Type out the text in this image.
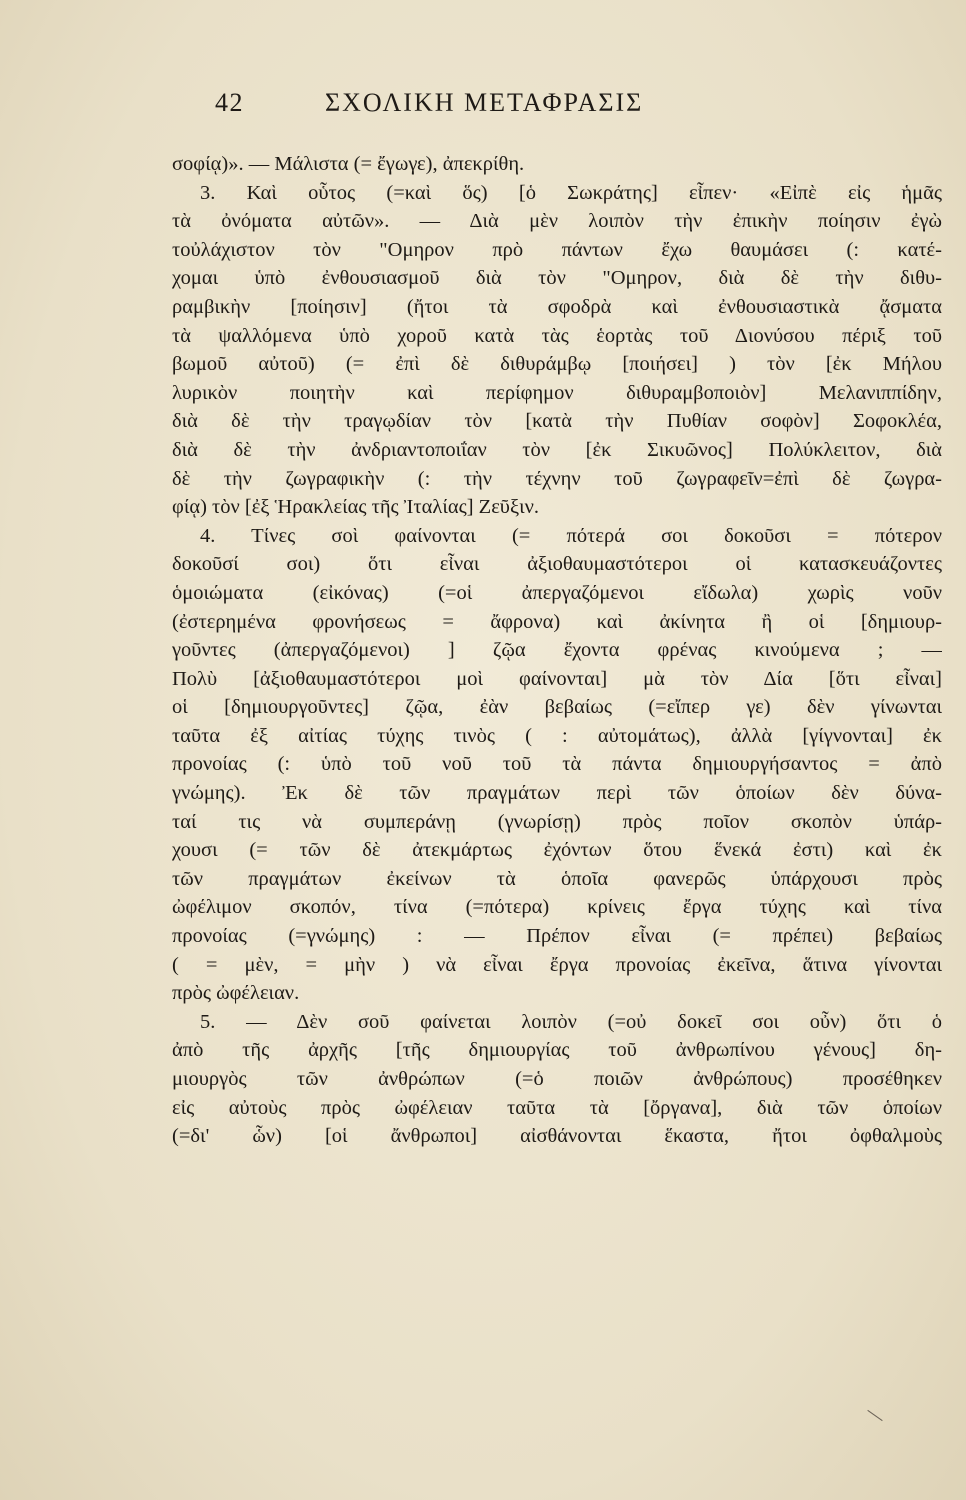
42	ΣΧΟΛΙΚΗ ΜΕΤΑΦΡΑΣΙΣ
σοφίᾳ)». — Μάλιστα (= ἔγωγε), ἀπεκρίθη.
3. Καὶ οὗτος (=καὶ ὅς) [ὁ Σωκράτης] εἶπεν· «Εἰπὲ εἰς ἡμᾶς
τὰ ὀνόματα αὐτῶν». — Διὰ μὲν λοιπὸν τὴν ἐπικὴν ποίησιν ἐγὼ
τοὐλάχιστον τὸν "Ομηρον πρὸ πάντων ἔχω θαυμάσει (: κατέ-
χομαι ὑπὸ ἐνθουσιασμοῦ διὰ τὸν "Ομηρον, διὰ δὲ τὴν διθυ-
ραμβικὴν [ποίησιν] (ἤτοι τὰ σφοδρὰ καὶ ἐνθουσιαστικὰ ᾄσματα
τὰ ψαλλόμενα ὑπὸ χοροῦ κατὰ τὰς ἑορτὰς τοῦ Διονύσου πέριξ τοῦ
βωμοῦ αὐτοῦ) (= ἐπὶ δὲ διθυράμβῳ [ποιήσει] ) τὸν [ἐκ Μήλου
λυρικὸν ποιητὴν καὶ περίφημον διθυραμβοποιὸν] Μελανιππίδην,
διὰ δὲ τὴν τραγῳδίαν τὸν [κατὰ τὴν Πυθίαν σοφὸν] Σοφοκλέα,
διὰ δὲ τὴν ἀνδριαντοποιΐαν τὸν [ἐκ Σικυῶνος] Πολύκλειτον, διὰ
δὲ τὴν ζωγραφικὴν (: τὴν τέχνην τοῦ ζωγραφεῖν=ἐπὶ δὲ ζωγρα-
φίᾳ) τὸν [ἐξ Ἡρακλείας τῆς Ἰταλίας] Ζεῦξιν.
4. Τίνες σοὶ φαίνονται (= πότερά σοι δοκοῦσι = πότερον
δοκοῦσί σοι) ὅτι εἶναι ἀξιοθαυμαστότεροι οἱ κατασκευάζοντες
ὁμοιώματα (εἰκόνας) (=οἱ ἀπεργαζόμενοι εἴδωλα) χωρὶς νοῦν
(ἐστερημένα φρονήσεως = ἄφρονα) καὶ ἀκίνητα ἢ οἱ [δημιουρ-
γοῦντες (ἀπεργαζόμενοι) ] ζῷα ἔχοντα φρένας κινούμενα ; —
Πολὺ [ἀξιοθαυμαστότεροι μοὶ φαίνονται] μὰ τὸν Δία [ὅτι εἶναι]
οἱ [δημιουργοῦντες] ζῷα, ἐὰν βεβαίως (=εἴπερ γε) δὲν γίνωνται
ταῦτα ἐξ αἰτίας τύχης τινὸς ( : αὐτομάτως), ἀλλὰ [γίγνονται] ἐκ
προνοίας (: ὑπὸ τοῦ νοῦ τοῦ τὰ πάντα δημιουργήσαντος = ἀπὸ
γνώμης). Ἐκ δὲ τῶν πραγμάτων περὶ τῶν ὁποίων δὲν δύνα-
ταί τις νὰ συμπεράνῃ (γνωρίσῃ) πρὸς ποῖον σκοπὸν ὑπάρ-
χουσι (= τῶν δὲ ἀτεκμάρτως ἐχόντων ὅτου ἕνεκά ἐστι) καὶ ἐκ
τῶν πραγμάτων ἐκείνων τὰ ὁποῖα φανερῶς ὑπάρχουσι πρὸς
ὠφέλιμον σκοπόν, τίνα (=πότερα) κρίνεις ἔργα τύχης καὶ τίνα
προνοίας (=γνώμης) : — Πρέπον εἶναι (= πρέπει) βεβαίως
( = μὲν, = μὴν ) νὰ εἶναι ἔργα προνοίας ἐκεῖνα, ἅτινα γίνονται
πρὸς ὠφέλειαν.
5. — Δὲν σοῦ φαίνεται λοιπὸν (=οὐ δοκεῖ σοι οὖν) ὅτι ὁ
ἀπὸ τῆς ἀρχῆς [τῆς δημιουργίας τοῦ ἀνθρωπίνου γένους] δη-
μιουργὸς τῶν ἀνθρώπων (=ὁ ποιῶν ἀνθρώπους) προσέθηκεν
εἰς αὐτοὺς πρὸς ὠφέλειαν ταῦτα τὰ [ὄργανα], διὰ τῶν ὁποίων
(=δι' ὧν) [οἱ ἄνθρωποι] αἰσθάνονται ἕκαστα, ἤτοι ὀφθαλμοὺς
